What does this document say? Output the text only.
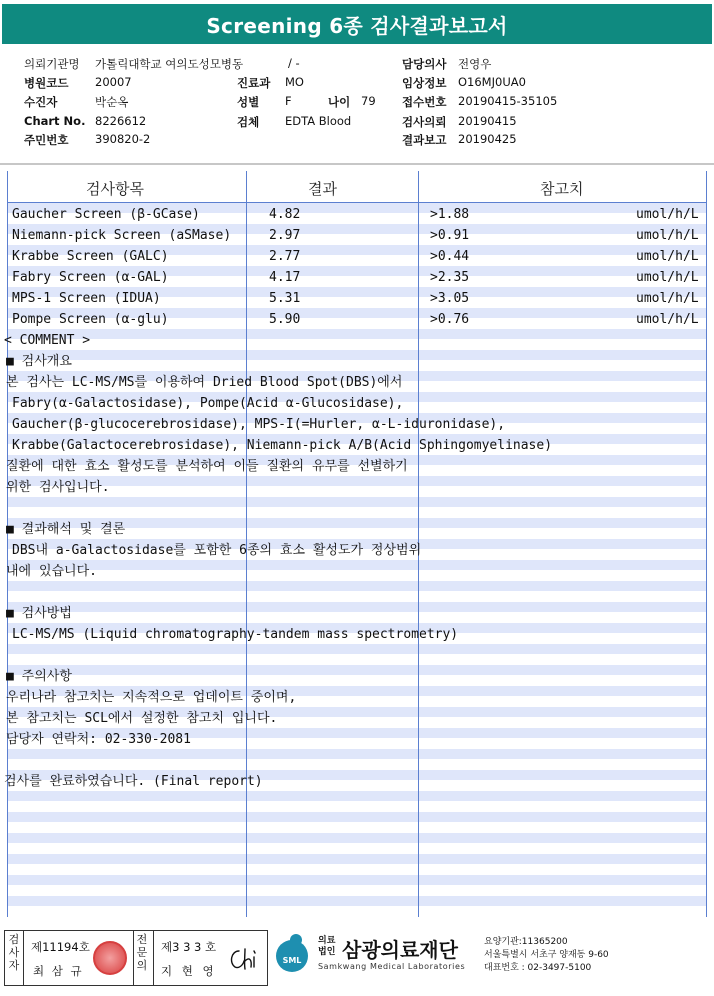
Screening 6종 검사결과보고서
의뢰기관명 가톨릭대학교 여의도성모병동	/ -
병원코드 20007	진료과 MO
수진자	박순옥	성별 F	나이 79
Chart No. 8226612	검체 EDTA Blood
주민번호 390820-2
담당의사 전영우
임상정보 O16MJ0UA0
접수번호 20190415-35105
검사의뢰 20190415
결과보고 20190425
검사항목	결과	참고치
Gaucher Screen (β-GCase)	4.82	>1.88	umol/h/L
Niemann-pick Screen (aSMase)	2.97	>0.91	umol/h/L
Krabbe Screen (GALC)	2.77	>0.44	umol/h/L
Fabry Screen (α-GAL)	4.17	>2.35	umol/h/L
MPS-1 Screen (IDUA)	5.31	>3.05	umol/h/L
Pompe Screen (α-glu)	5.90	>0.76	umol/h/L
< COMMENT >
■ 검사개요
본 검사는 LC-MS/MS를 이용하여 Dried Blood Spot(DBS)에서
Fabry(α-Galactosidase), Pompe(Acid α-Glucosidase),
Gaucher(β-glucocerebrosidase), MPS-I(=Hurler, α-L-iduronidase),
Krabbe(Galactocerebrosidase), Niemann-pick A/B(Acid Sphingomyelinase)
질환에 대한 효소 활성도를 분석하여 이들 질환의 유무를 선별하기
위한 검사입니다.
■ 결과해석 및 결론
DBS내 a-Galactosidase를 포함한 6종의 효소 활성도가 정상범위
내에 있습니다.
■ 검사방법
LC-MS/MS (Liquid chromatography-tandem mass spectrometry)
■ 주의사항
우리나라 참고치는 지속적으로 업데이트 중이며,
본 참고치는 SCL에서 설정한 참고치 입니다.
담당자 연락처: 02-330-2081
검사를 완료하였습니다. (Final report)
검사자
제11194호
최 삼 규
전문의
제3 3 3 호
지 현 영
SML
의료 법인 삼광의료재단
Samkwang Medical Laboratories
요양기관:11365200
서울특별시 서초구 양재동 9-60
대표번호 : 02-3497-5100
